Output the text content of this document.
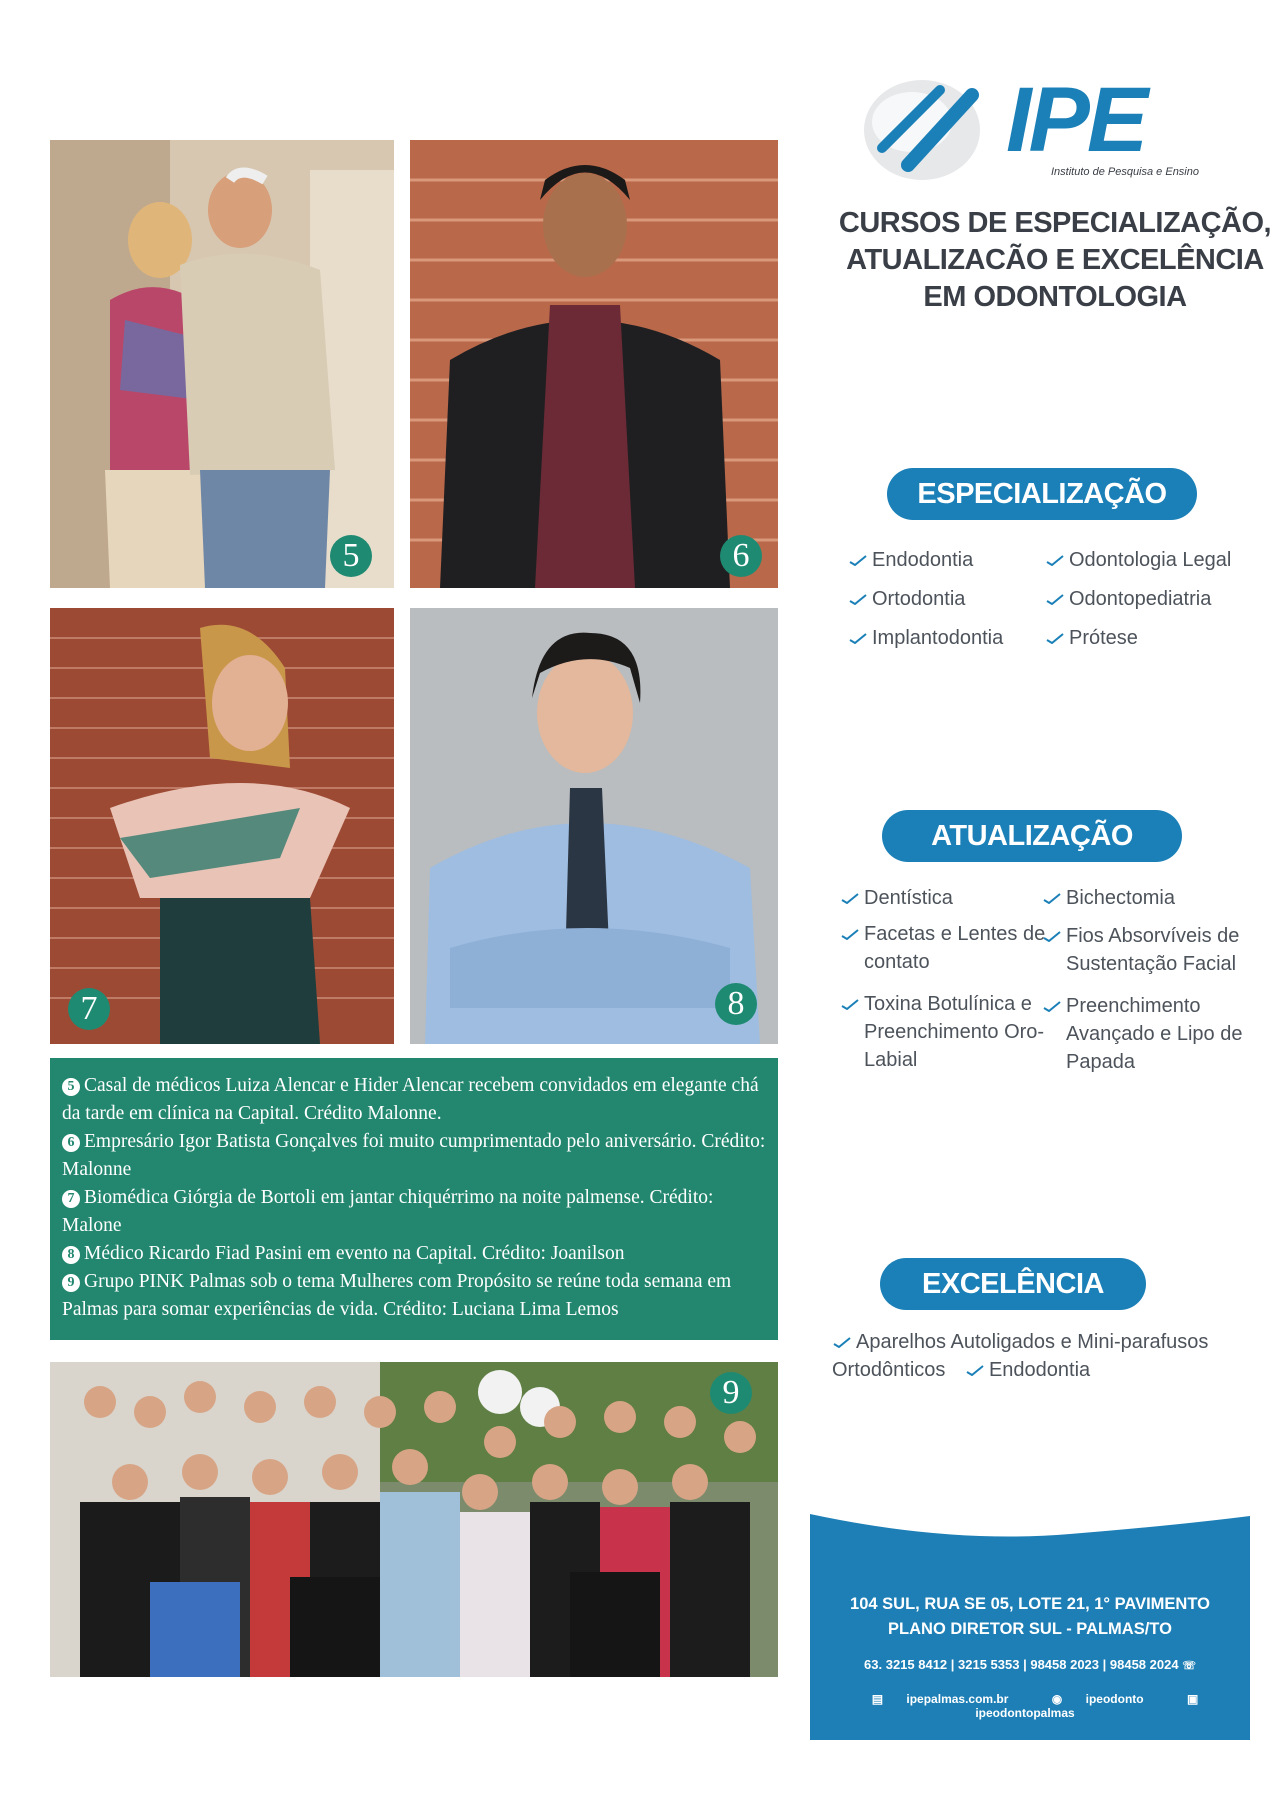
5	6
7	8

5 Casal de médicos Luiza Alencar e Hider Alencar recebem convidados em elegante chá da tarde em clínica na Capital. Crédito Malonne.

6 Empresário Igor Batista Gonçalves foi muito cumprimentado pelo aniversário. Crédito: Malonne

7 Biomédica Giórgia de Bortoli em jantar chiquérrimo na noite palmense. Crédito: Malone

8 Médico Ricardo Fiad Pasini em evento na Capital. Crédito: Joanilson

9 Grupo PINK Palmas sob o tema Mulheres com Propósito se reúne toda semana em Palmas para somar experiências de vida. Crédito: Luciana Lima Lemos

9
IPE
Instituto de Pesquisa e Ensino
CURSOS DE ESPECIALIZAÇÃO,
ATUALIZACÃO E EXCELÊNCIA
EM ODONTOLOGIA
ESPECIALIZAÇÃO
Endodontia
Ortodontia
Implantodontia
Odontologia Legal
Odontopediatria
Prótese
ATUALIZAÇÃO
Dentística
Facetas e Lentes de contato
Toxina Botulínica e Preenchimento Oro-Labial
Bichectomia
Fios Absorvíveis de Sustentação Facial
Preenchimento Avançado e Lipo de Papada
EXCELÊNCIA
Aparelhos Autoligados e Mini-parafusos Ortodônticos Endodontia
104 SUL, RUA SE 05, LOTE 21, 1° PAVIMENTO
PLANO DIRETOR SUL - PALMAS/TO
63. 3215 8412 | 3215 5353 | 98458 2023 | 98458 2024 ☏
▤ ipepalmas.com.br	◉ ipeodonto	▣ ipeodontopalmas
